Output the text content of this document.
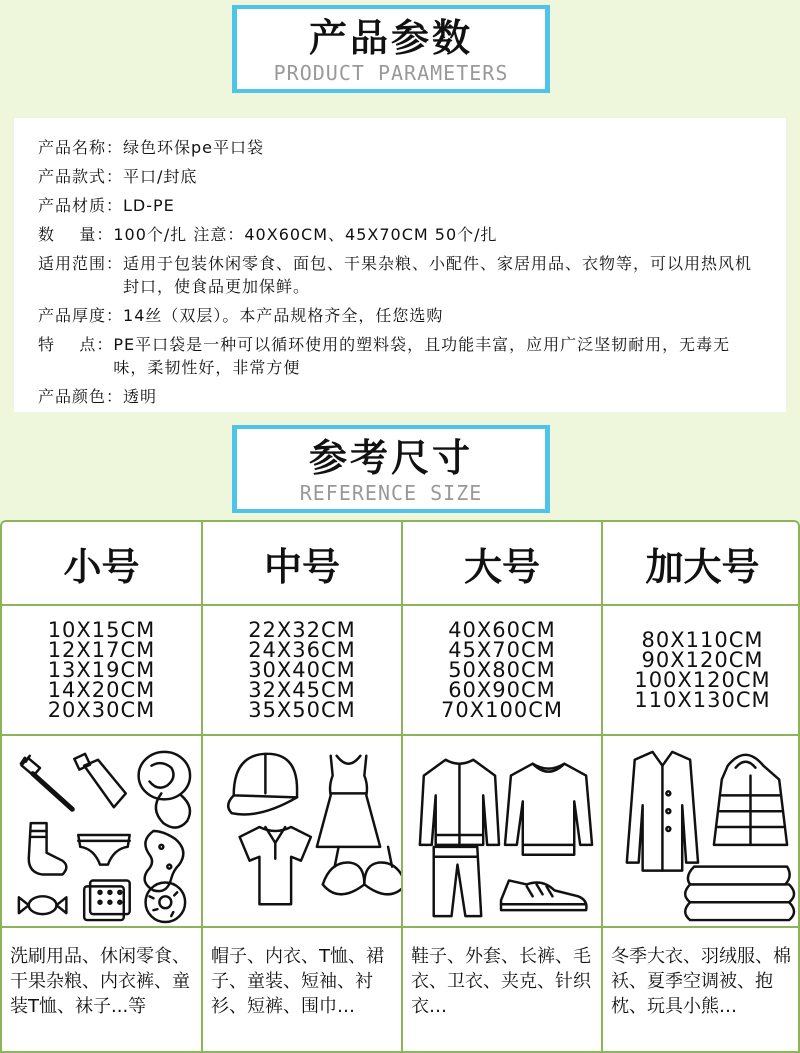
产品参数
PRODUCT PARAMETERS
产品名称： 绿色环保pe平口袋
产品款式： 平口/封底
产品材质： LD-PE
数    量： 100个/扎 注意：40X60CM、45X70CM 50个/扎
适用范围： 适用于包装休闲零食、面包、干果杂粮、小配件、家居用品、衣物等，可以用热风机封口，使食品更加保鲜。
产品厚度： 14丝（双层）。本产品规格齐全，任您选购
特    点： PE平口袋是一种可以循环使用的塑料袋，且功能丰富，应用广泛坚韧耐用，无毒无味，柔韧性好，非常方便
产品颜色： 透明
参考尺寸
REFERENCE SIZE
小号
10X15CM
12X17CM
13X19CM
14X20CM
20X30CM
洗刷用品、休闲零食、干果杂粮、内衣裤、童装T恤、袜子...等
中号
22X32CM
24X36CM
30X40CM
32X45CM
35X50CM
帽子、内衣、T恤、裙子、童装、短袖、衬衫、短裤、围巾…
大号
40X60CM
45X70CM
50X80CM
60X90CM
70X100CM
鞋子、外套、长裤、毛衣、卫衣、夹克、针织衣…
加大号
80X110CM
90X120CM
100X120CM
110X130CM
冬季大衣、羽绒服、棉袄、夏季空调被、抱枕、玩具小熊…
